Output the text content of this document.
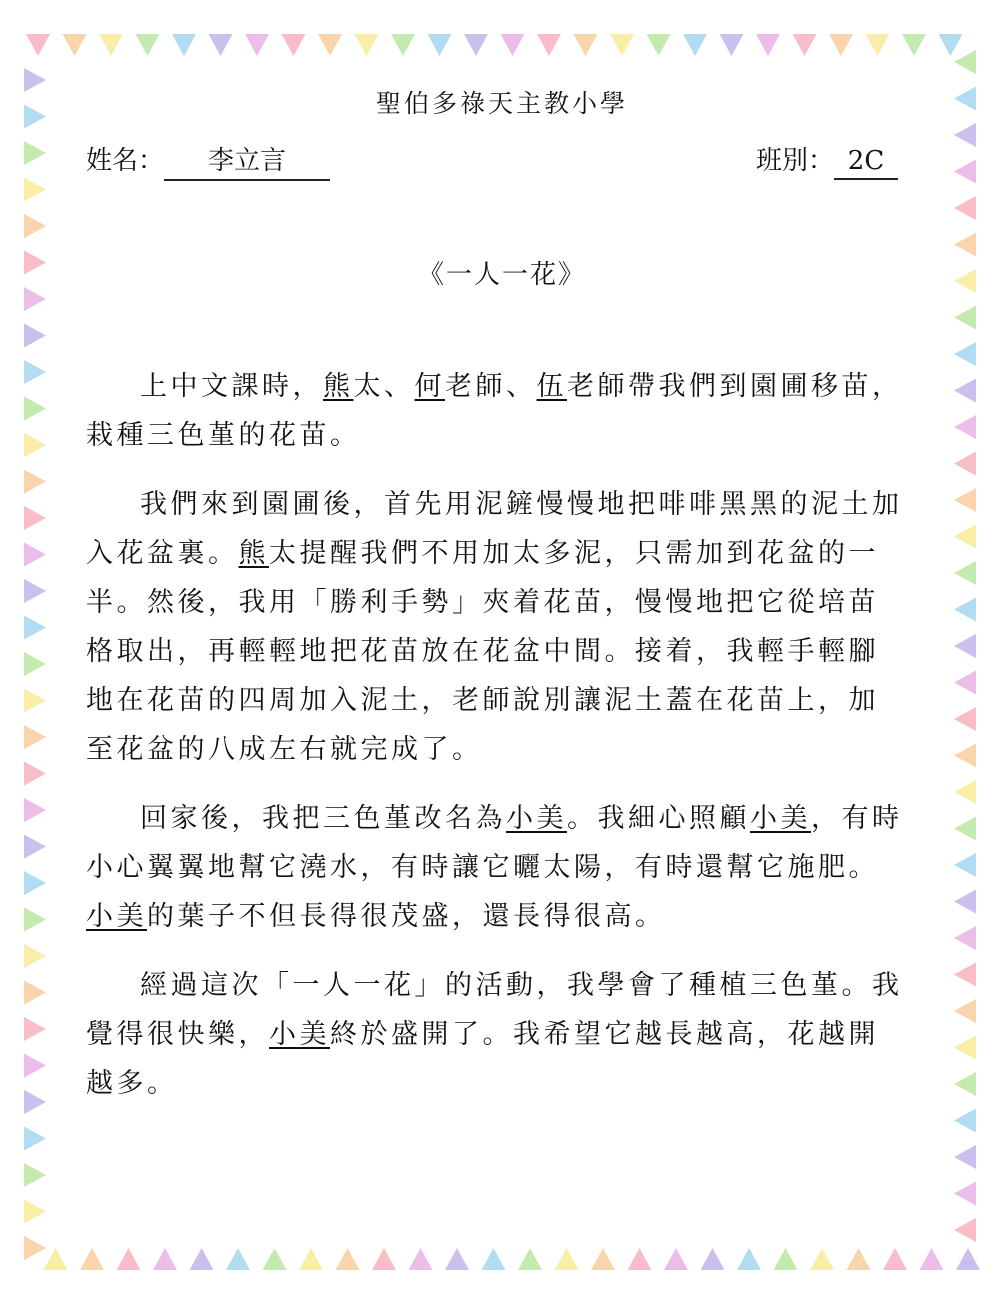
聖伯多祿天主教小學
姓名： 李立言	班別： 2C
《一人一花》

上中文課時，熊太、何老師、伍老師帶我們到園圃移苗，栽種三色堇的花苗。

我們來到園圃後，首先用泥鏟慢慢地把啡啡黑黑的泥土加入花盆裏。熊太提醒我們不用加太多泥，只需加到花盆的一半。然後，我用「勝利手勢」夾着花苗，慢慢地把它從培苗格取出，再輕輕地把花苗放在花盆中間。接着，我輕手輕腳地在花苗的四周加入泥土，老師說別讓泥土蓋在花苗上，加至花盆的八成左右就完成了。

回家後，我把三色堇改名為小美。我細心照顧小美，有時小心翼翼地幫它澆水，有時讓它曬太陽，有時還幫它施肥。小美的葉子不但長得很茂盛，還長得很高。

經過這次「一人一花」的活動，我學會了種植三色堇。我覺得很快樂，小美終於盛開了。我希望它越長越高，花越開越多。
